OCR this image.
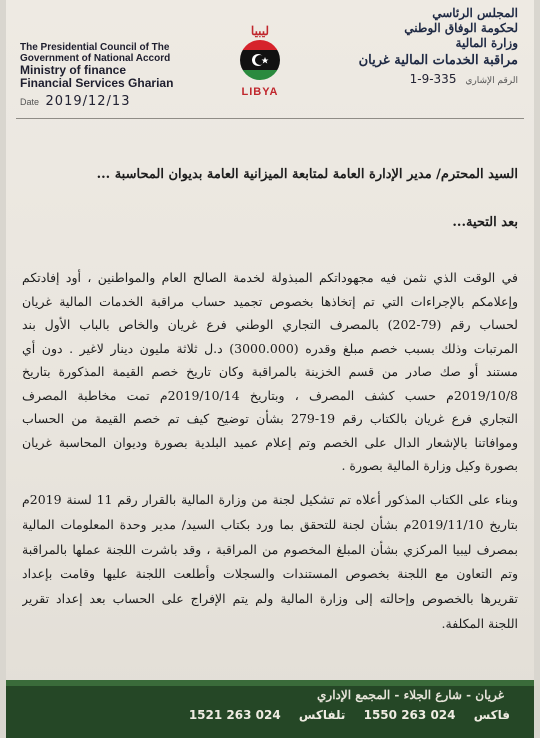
The Presidential Council of The
Government of National Accord
Ministry of finance
Financial Services Gharian
Date 2019/12/13
ليبيا
LIBYA
المجلس الرئاسي
لحكومة الوفاق الوطني
وزارة المالية
مراقبة الخدمات المالية غريان
الرقم الإشاري 335-9-1
السيد المحترم/ مدير الإدارة العامة لمتابعة الميزانية العامة بديوان المحاسبة ...
بعد التحية...
في الوقت الذي نثمن فيه مجهوداتكم المبذولة لخدمة الصالح العام والمواطنين ، أود إفادتكم
وإعلامكم بالإجراءات التي تم إتخاذها بخصوص تجميد حساب مراقبة الخدمات المالية غريان
لحساب رقم (79-202) بالمصرف التجاري الوطني فرع غريان والخاص بالباب الأول بند
المرتبات وذلك بسبب خصم مبلغ وقدره (3000.000) د.ل ثلاثة مليون دينار لاغير . دون أي
مستند أو صك صادر من قسم الخزينة بالمراقبة وكان تاريخ خصم القيمة المذكورة بتاريخ
2019/10/8م حسب كشف المصرف ، وبتاريخ 2019/10/14م تمت مخاطبة المصرف
التجاري فرع غريان بالكتاب رقم 19-279 بشأن توضيح كيف تم خصم القيمة من الحساب
وموافاتنا بالإشعار الدال على الخصم وتم إعلام عميد البلدية بصورة وديوان المحاسبة غريان
بصورة وكيل وزارة المالية بصورة .
وبناء على الكتاب المذكور أعلاه تم تشكيل لجنة من وزارة المالية بالقرار رقم 11 لسنة 2019م
بتاريخ 2019/11/10م بشأن لجنة للتحقق بما ورد بكتاب السيد/ مدير وحدة المعلومات المالية
بمصرف ليبيا المركزي بشأن المبلغ المخصوم من المراقبة ، وقد باشرت اللجنة عملها بالمراقبة
وتم التعاون مع اللجنة بخصوص المستندات والسجلات وأطلعت اللجنة عليها وقامت بإعداد
تقريرها بالخصوص وإحالته إلى وزارة المالية ولم يتم الإفراج على الحساب بعد إعداد تقرير
اللجنة المكلفة.
غريان - شارع الجلاء - المجمع الإداري
فاكس 024 263 1550 تلفاكس 024 263 1521
